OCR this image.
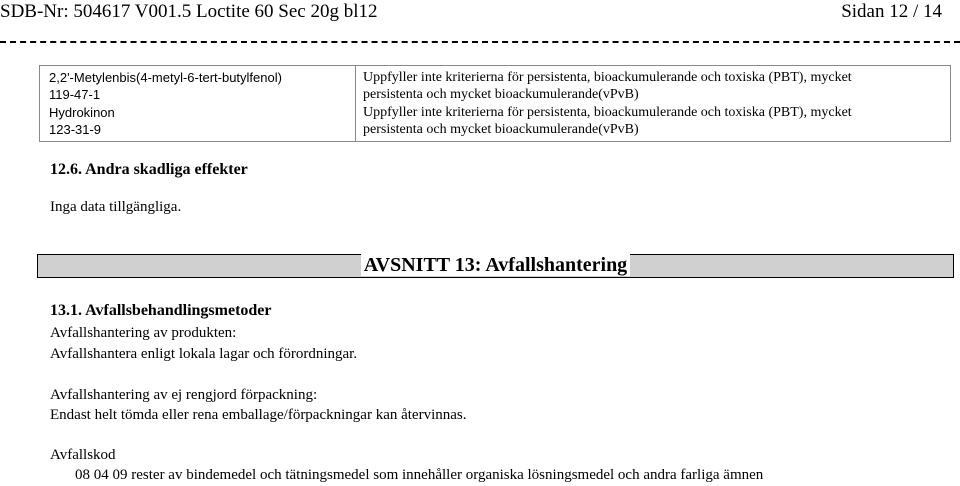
SDB-Nr: 504617 V001.5 Loctite 60 Sec 20g bl12	Sidan 12 / 14
2,2'-Metylenbis(4-metyl-6-tert-butylfenol)
119-47-1
Uppfyller inte kriterierna för persistenta, bioackumulerande och toxiska (PBT), mycket
persistenta och mycket bioackumulerande(vPvB)
Hydrokinon
123-31-9
Uppfyller inte kriterierna för persistenta, bioackumulerande och toxiska (PBT), mycket
persistenta och mycket bioackumulerande(vPvB)
12.6. Andra skadliga effekter
Inga data tillgängliga.
AVSNITT 13: Avfallshantering
13.1. Avfallsbehandlingsmetoder
Avfallshantering av produkten:
Avfallshantera enligt lokala lagar och förordningar.
Avfallshantering av ej rengjord förpackning:
Endast helt tömda eller rena emballage/förpackningar kan återvinnas.
Avfallskod
08 04 09 rester av bindemedel och tätningsmedel som innehåller organiska lösningsmedel och andra farliga ämnen
